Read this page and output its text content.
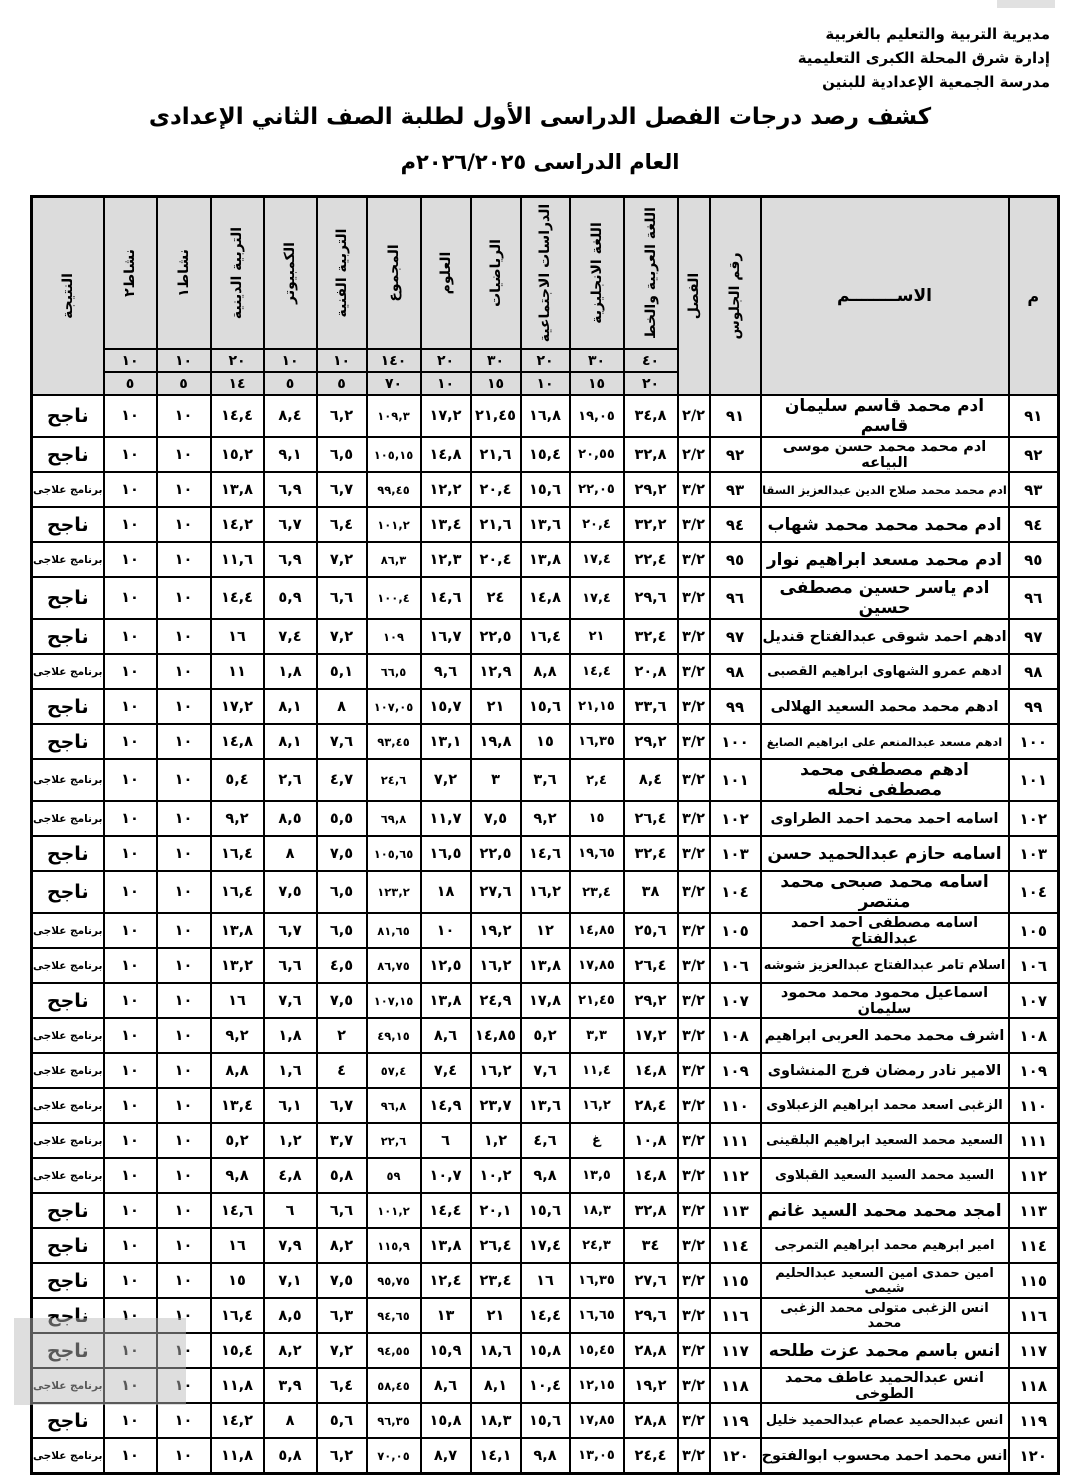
مديرية التربية والتعليم بالغربية
إدارة شرق المحلة الكبرى التعليمية
مدرسة الجمعية الإعدادية للبنين
كشف رصد درجات الفصل الدراسى الأول لطلبة الصف الثاني الإعدادى
العام الدراسى ٢٠٢٦/٢٠٢٥م
م	الاســــــــم	رقم الجلوس	الفصل	اللغة العربية والخط	اللغة الانجليزية	الدراسات الاجتماعية	الرياضيات	العلوم	المجموع	التربية الفنية	الكمبيوتر	التربية الدينية	نشاط١	نشاط٢	النتيجة

				٤٠	٣٠	٢٠	٣٠	٢٠	١٤٠	١٠	١٠	٢٠	١٠	١٠	
				٢٠	١٥	١٠	١٥	١٠	٧٠	٥	٥	١٤	٥	٥	
٩١	ادم محمد قاسم سليمان قاسم	٩١	٢/٢	٣٤,٨	١٩,٠٥	١٦,٨	٢١,٤٥	١٧,٢	١٠٩,٣	٦,٢	٨,٤	١٤,٤	١٠	١٠	ناجح
٩٢	ادم محمد محمد حسن موسى البياعه	٩٢	٢/٢	٣٢,٨	٢٠,٥٥	١٥,٤	٢١,٦	١٤,٨	١٠٥,١٥	٦,٥	٩,١	١٥,٢	١٠	١٠	ناجح
٩٣	ادم محمد محمد صلاح الدين عبدالعزيز السقا	٩٣	٣/٢	٢٩,٢	٢٢,٠٥	١٥,٦	٢٠,٤	١٢,٢	٩٩,٤٥	٦,٧	٦,٩	١٣,٨	١٠	١٠	برنامج علاجى
٩٤	ادم محمد محمد محمد شهاب	٩٤	٣/٢	٣٢,٢	٢٠,٤	١٣,٦	٢١,٦	١٣,٤	١٠١,٢	٦,٤	٦,٧	١٤,٢	١٠	١٠	ناجح
٩٥	ادم محمد مسعد ابراهيم نوار	٩٥	٣/٢	٢٢,٤	١٧,٤	١٣,٨	٢٠,٤	١٢,٣	٨٦,٣	٧,٢	٦,٩	١١,٦	١٠	١٠	برنامج علاجى
٩٦	ادم ياسر حسين مصطفى حسين	٩٦	٣/٢	٢٩,٦	١٧,٤	١٤,٨	٢٤	١٤,٦	١٠٠,٤	٦,٦	٥,٩	١٤,٤	١٠	١٠	ناجح
٩٧	ادهم احمد شوقى عبدالفتاح قنديل	٩٧	٣/٢	٣٢,٤	٢١	١٦,٤	٢٢,٥	١٦,٧	١٠٩	٧,٢	٧,٤	١٦	١٠	١٠	ناجح
٩٨	ادهم عمرو الشهاوى ابراهيم القصبى	٩٨	٣/٢	٢٠,٨	١٤,٤	٨,٨	١٢,٩	٩,٦	٦٦,٥	٥,١	١,٨	١١	١٠	١٠	برنامج علاجى
٩٩	ادهم محمد محمد السعيد الهلالى	٩٩	٣/٢	٣٣,٦	٢١,١٥	١٥,٦	٢١	١٥,٧	١٠٧,٠٥	٨	٨,١	١٧,٢	١٠	١٠	ناجح
١٠٠	ادهم مسعد عبدالمنعم على ابراهيم الصايغ	١٠٠	٣/٢	٢٩,٢	١٦,٣٥	١٥	١٩,٨	١٣,١	٩٣,٤٥	٧,٦	٨,١	١٤,٨	١٠	١٠	ناجح
١٠١	ادهم مصطفى محمد مصطفى نحله	١٠١	٣/٢	٨,٤	٢,٤	٣,٦	٣	٧,٢	٢٤,٦	٤,٧	٢,٦	٥,٤	١٠	١٠	برنامج علاجى
١٠٢	اسامه احمد محمد احمد الطراوى	١٠٢	٣/٢	٢٦,٤	١٥	٩,٢	٧,٥	١١,٧	٦٩,٨	٥,٥	٨,٥	٩,٢	١٠	١٠	برنامج علاجى
١٠٣	اسامه حازم عبدالحميد حسن	١٠٣	٣/٢	٣٢,٤	١٩,٦٥	١٤,٦	٢٢,٥	١٦,٥	١٠٥,٦٥	٧,٥	٨	١٦,٤	١٠	١٠	ناجح
١٠٤	اسامه محمد صبحى محمد منتصر	١٠٤	٣/٢	٣٨	٢٣,٤	١٦,٢	٢٧,٦	١٨	١٢٣,٢	٦,٥	٧,٥	١٦,٤	١٠	١٠	ناجح
١٠٥	اسامه مصطفى احمد احمد عبدالفتاح	١٠٥	٣/٢	٢٥,٦	١٤,٨٥	١٢	١٩,٢	١٠	٨١,٦٥	٦,٥	٦,٧	١٣,٨	١٠	١٠	برنامج علاجى
١٠٦	اسلام تامر عبدالفتاح عبدالعزيز شوشه	١٠٦	٣/٢	٢٦,٤	١٧,٨٥	١٣,٨	١٦,٢	١٢,٥	٨٦,٧٥	٤,٥	٦,٦	١٣,٢	١٠	١٠	برنامج علاجى
١٠٧	اسماعيل محمود محمد محمود سليمان	١٠٧	٣/٢	٢٩,٢	٢١,٤٥	١٧,٨	٢٤,٩	١٣,٨	١٠٧,١٥	٧,٥	٧,٦	١٦	١٠	١٠	ناجح
١٠٨	اشرف محمد محمد العربى ابراهيم	١٠٨	٣/٢	١٧,٢	٣,٣	٥,٢	١٤,٨٥	٨,٦	٤٩,١٥	٢	١,٨	٩,٢	١٠	١٠	برنامج علاجى
١٠٩	الامير نادر رمضان فرج المنشاوى	١٠٩	٣/٢	١٤,٨	١١,٤	٧,٦	١٦,٢	٧,٤	٥٧,٤	٤	١,٦	٨,٨	١٠	١٠	برنامج علاجى
١١٠	الزغبى اسعد محمد ابراهيم الزعبلاوى	١١٠	٣/٢	٢٨,٤	١٦,٢	١٣,٦	٢٣,٧	١٤,٩	٩٦,٨	٦,٧	٦,١	١٣,٤	١٠	١٠	برنامج علاجى
١١١	السعيد محمد السعيد ابراهيم البلقينى	١١١	٣/٢	١٠,٨	غ	٤,٦	١,٢	٦	٢٢,٦	٣,٧	١,٢	٥,٢	١٠	١٠	برنامج علاجى
١١٢	السيد محمد السيد السعيد القبلاوى	١١٢	٣/٢	١٤,٨	١٣,٥	٩,٨	١٠,٢	١٠,٧	٥٩	٥,٨	٤,٨	٩,٨	١٠	١٠	برنامج علاجى
١١٣	امجد محمد محمد السيد غانم	١١٣	٣/٢	٣٢,٨	١٨,٣	١٥,٦	٢٠,١	١٤,٤	١٠١,٢	٦,٦	٦	١٤,٦	١٠	١٠	ناجح
١١٤	امير ابرهيم محمد ابراهيم التمرجى	١١٤	٣/٢	٣٤	٢٤,٣	١٧,٤	٢٦,٤	١٣,٨	١١٥,٩	٨,٢	٧,٩	١٦	١٠	١٠	ناجح
١١٥	امين حمدى امين السعيد عبدالحليم شيمى	١١٥	٣/٢	٢٧,٦	١٦,٣٥	١٦	٢٣,٤	١٢,٤	٩٥,٧٥	٧,٥	٧,١	١٥	١٠	١٠	ناجح
١١٦	انس الزغبى متولى محمد الزغبى محمد	١١٦	٣/٢	٢٩,٦	١٦,٦٥	١٤,٤	٢١	١٣	٩٤,٦٥	٦,٣	٨,٥	١٦,٤	١٠	١٠	ناجح
١١٧	انس باسم محمد عزت طلحه	١١٧	٣/٢	٢٨,٨	١٥,٤٥	١٥,٨	١٨,٦	١٥,٩	٩٤,٥٥	٧,٢	٨,٢	١٥,٤	١٠	١٠	ناجح
١١٨	انس عبدالحميد عاطف محمد الطوخى	١١٨	٣/٢	١٩,٢	١٢,١٥	١٠,٤	٨,١	٨,٦	٥٨,٤٥	٦,٤	٣,٩	١١,٨	١٠	١٠	برنامج علاجى
١١٩	انس عبدالحميد عصام عبدالحميد خليل	١١٩	٣/٢	٢٨,٨	١٧,٨٥	١٥,٦	١٨,٣	١٥,٨	٩٦,٣٥	٥,٦	٨	١٤,٢	١٠	١٠	ناجح
١٢٠	انس محمد احمد محسوب ابوالفتوح	١٢٠	٣/٢	٢٤,٤	١٣,٠٥	٩,٨	١٤,١	٨,٧	٧٠,٠٥	٦,٢	٥,٨	١١,٨	١٠	١٠	برنامج علاجى
